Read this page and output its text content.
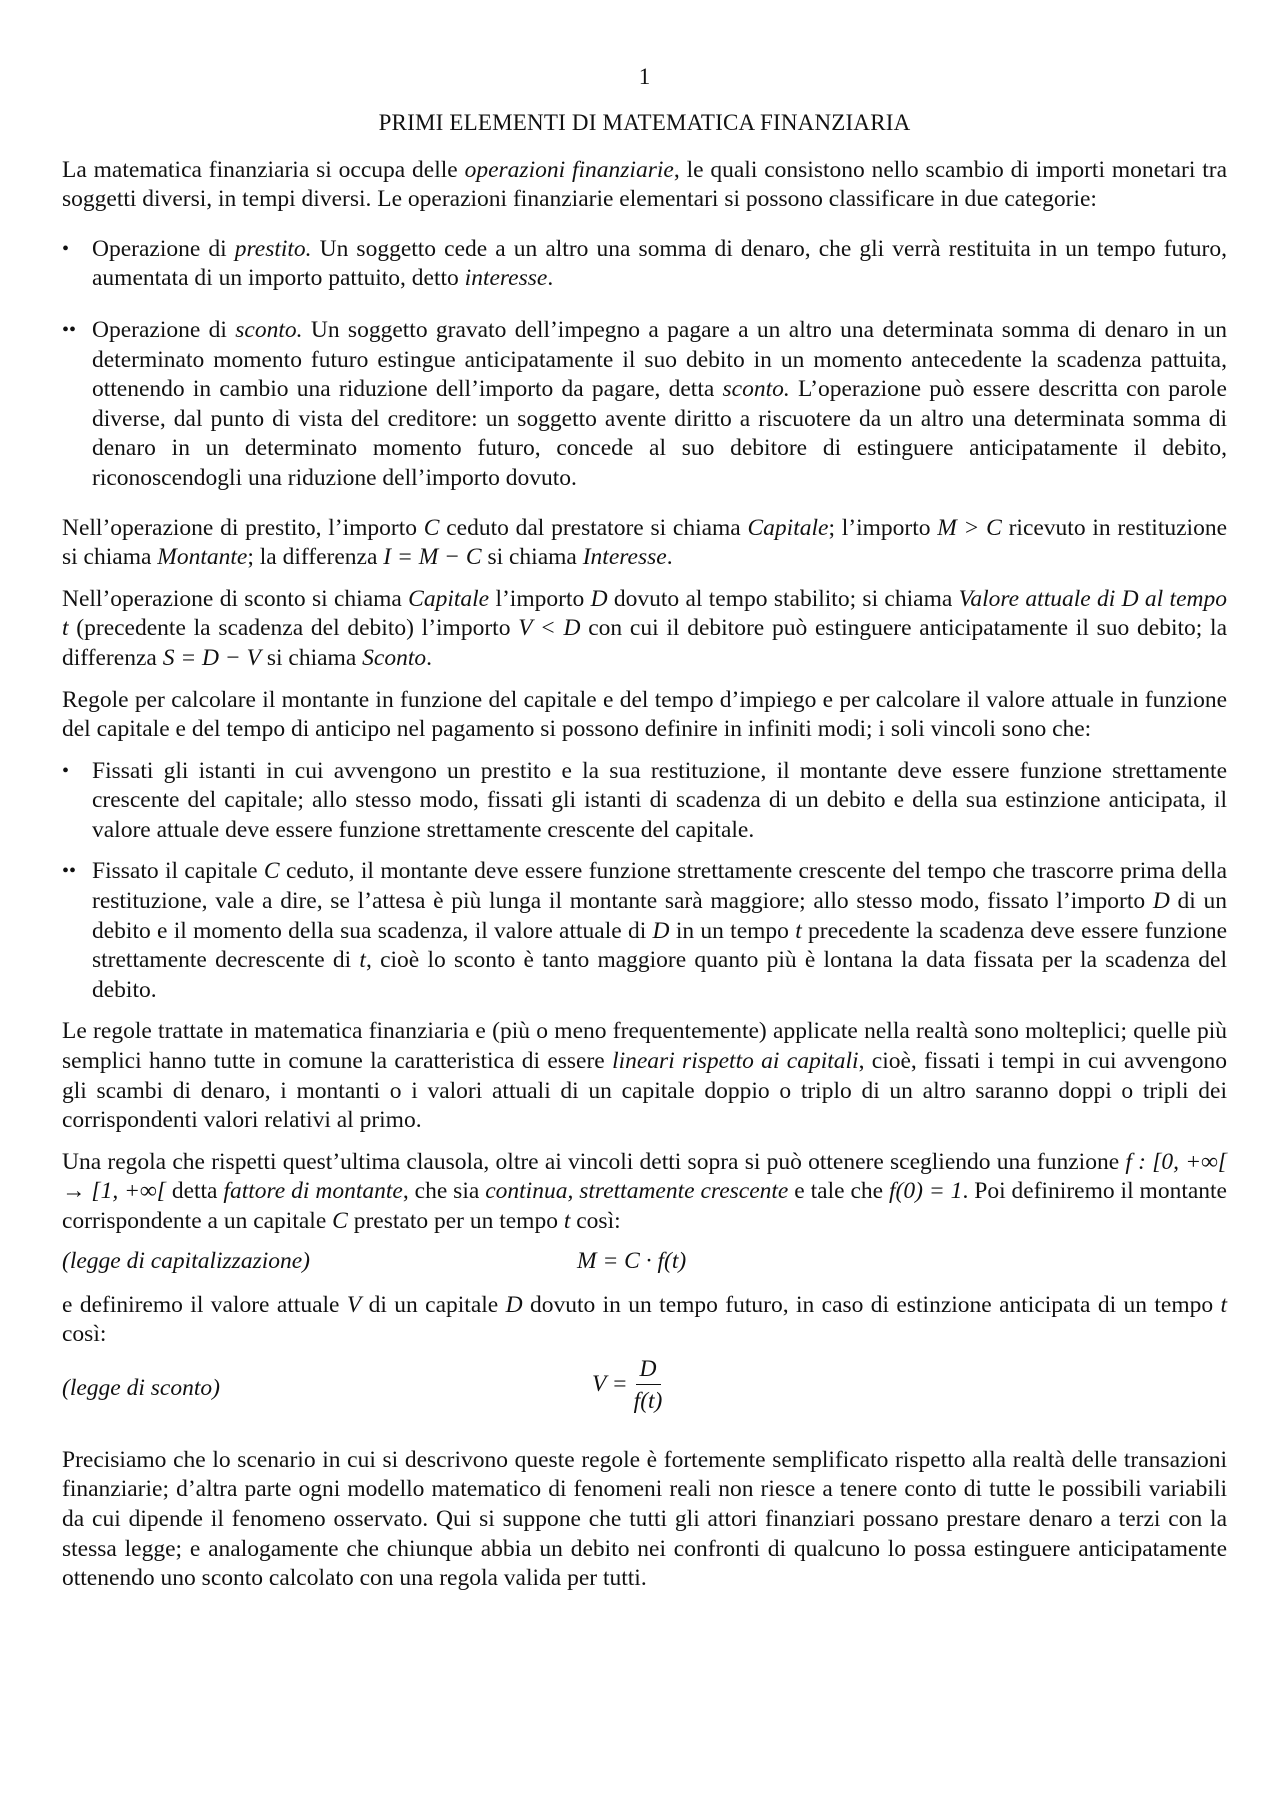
1
PRIMI ELEMENTI DI MATEMATICA FINANZIARIA

La matematica finanziaria si occupa delle operazioni finanziarie, le quali consistono nello scambio di importi monetari tra soggetti diversi, in tempi diversi. Le operazioni finanziarie elementari si possono classificare in due categorie:

• Operazione di prestito. Un soggetto cede a un altro una somma di denaro, che gli verrà restituita in un tempo futuro, aumentata di un importo pattuito, detto interesse.
•• Operazione di sconto. Un soggetto gravato dell’impegno a pagare a un altro una determinata somma di denaro in un determinato momento futuro estingue anticipatamente il suo debito in un momento antecedente la scadenza pattuita, ottenendo in cambio una riduzione dell’importo da pagare, detta sconto. L’operazione può essere descritta con parole diverse, dal punto di vista del creditore: un soggetto avente diritto a riscuotere da un altro una determinata somma di denaro in un determinato momento futuro, concede al suo debitore di estinguere anticipatamente il debito, riconoscendogli una riduzione dell’importo dovuto.

Nell’operazione di prestito, l’importo C ceduto dal prestatore si chiama Capitale; l’importo M > C ricevuto in restituzione si chiama Montante; la differenza I = M − C si chiama Interesse.

Nell’operazione di sconto si chiama Capitale l’importo D dovuto al tempo stabilito; si chiama Valore attuale di D al tempo t (precedente la scadenza del debito) l’importo V < D con cui il debitore può estinguere anticipatamente il suo debito; la differenza S = D − V si chiama Sconto.

Regole per calcolare il montante in funzione del capitale e del tempo d’impiego e per calcolare il valore attuale in funzione del capitale e del tempo di anticipo nel pagamento si possono definire in infiniti modi; i soli vincoli sono che:

• Fissati gli istanti in cui avvengono un prestito e la sua restituzione, il montante deve essere funzione strettamente crescente del capitale; allo stesso modo, fissati gli istanti di scadenza di un debito e della sua estinzione anticipata, il valore attuale deve essere funzione strettamente crescente del capitale.
•• Fissato il capitale C ceduto, il montante deve essere funzione strettamente crescente del tempo che trascorre prima della restituzione, vale a dire, se l’attesa è più lunga il montante sarà maggiore; allo stesso modo, fissato l’importo D di un debito e il momento della sua scadenza, il valore attuale di D in un tempo t precedente la scadenza deve essere funzione strettamente decrescente di t, cioè lo sconto è tanto maggiore quanto più è lontana la data fissata per la scadenza del debito.

Le regole trattate in matematica finanziaria e (più o meno frequentemente) applicate nella realtà sono molteplici; quelle più semplici hanno tutte in comune la caratteristica di essere lineari rispetto ai capitali, cioè, fissati i tempi in cui avvengono gli scambi di denaro, i montanti o i valori attuali di un capitale doppio o triplo di un altro saranno doppi o tripli dei corrispondenti valori relativi al primo.

Una regola che rispetti quest’ultima clausola, oltre ai vincoli detti sopra si può ottenere scegliendo una funzione f : [0, +∞[ → [1, +∞[ detta fattore di montante, che sia continua, strettamente crescente e tale che f(0) = 1. Poi definiremo il montante corrispondente a un capitale C prestato per un tempo t così:

(legge di capitalizzazione)	M = C · f(t)

e definiremo il valore attuale V di un capitale D dovuto in un tempo futuro, in caso di estinzione anticipata di un tempo t così:

(legge di sconto)	$V = \frac{D}{f(t)}$

Precisiamo che lo scenario in cui si descrivono queste regole è fortemente semplificato rispetto alla realtà delle transazioni finanziarie; d’altra parte ogni modello matematico di fenomeni reali non riesce a tenere conto di tutte le possibili variabili da cui dipende il fenomeno osservato. Qui si suppone che tutti gli attori finanziari possano prestare denaro a terzi con la stessa legge; e analogamente che chiunque abbia un debito nei confronti di qualcuno lo possa estinguere anticipatamente ottenendo uno sconto calcolato con una regola valida per tutti.
